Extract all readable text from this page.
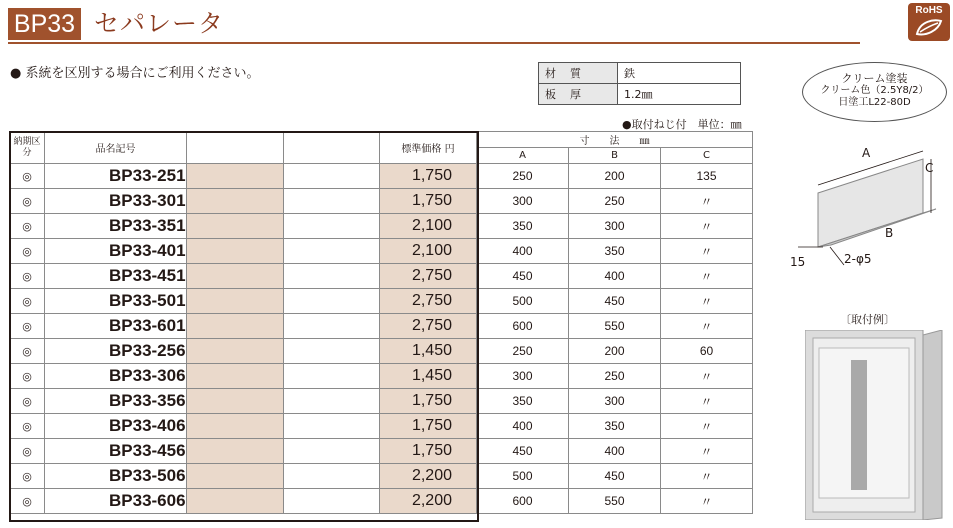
BP33 セパレータ	RoHS
● 系統を区別する場合にご利用ください。	材質	鉄
板厚	1.2㎜
●取付ねじ付　単位：㎜
納期区分	品名記号			標準価格 円	寸　　法　　㎜		
					A	B	C
◎	BP33-251			1,750	250	200	135
◎	BP33-301			1,750	300	250	〃
◎	BP33-351			2,100	350	300	〃
◎	BP33-401			2,100	400	350	〃
◎	BP33-451			2,750	450	400	〃
◎	BP33-501			2,750	500	450	〃
◎	BP33-601			2,750	600	550	〃
◎	BP33-256			1,450	250	200	60
◎	BP33-306			1,450	300	250	〃
◎	BP33-356			1,750	350	300	〃
◎	BP33-406			1,750	400	350	〃
◎	BP33-456			1,750	450	400	〃
◎	BP33-506			2,200	500	450	〃
◎	BP33-606			2,200	600	550	〃
クリーム塗装
クリーム色（2.5Y8/2）
日塗工L22-80D
A
C
B
15	2-φ5
〔取付例〕
